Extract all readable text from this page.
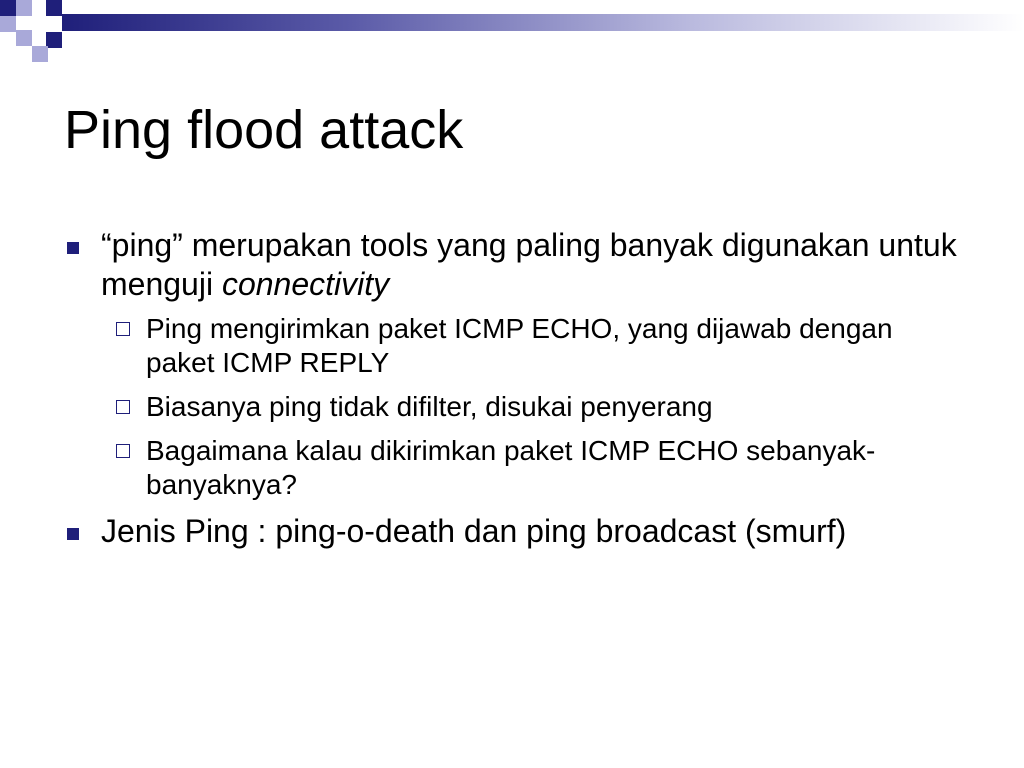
Ping flood attack
“ping” merupakan tools yang paling banyak digunakan untuk menguji connectivity
Ping mengirimkan paket ICMP ECHO, yang dijawab dengan paket ICMP REPLY
Biasanya ping tidak difilter, disukai penyerang
Bagaimana kalau dikirimkan paket ICMP ECHO sebanyak-banyaknya?
Jenis Ping : ping-o-death dan ping broadcast (smurf)
